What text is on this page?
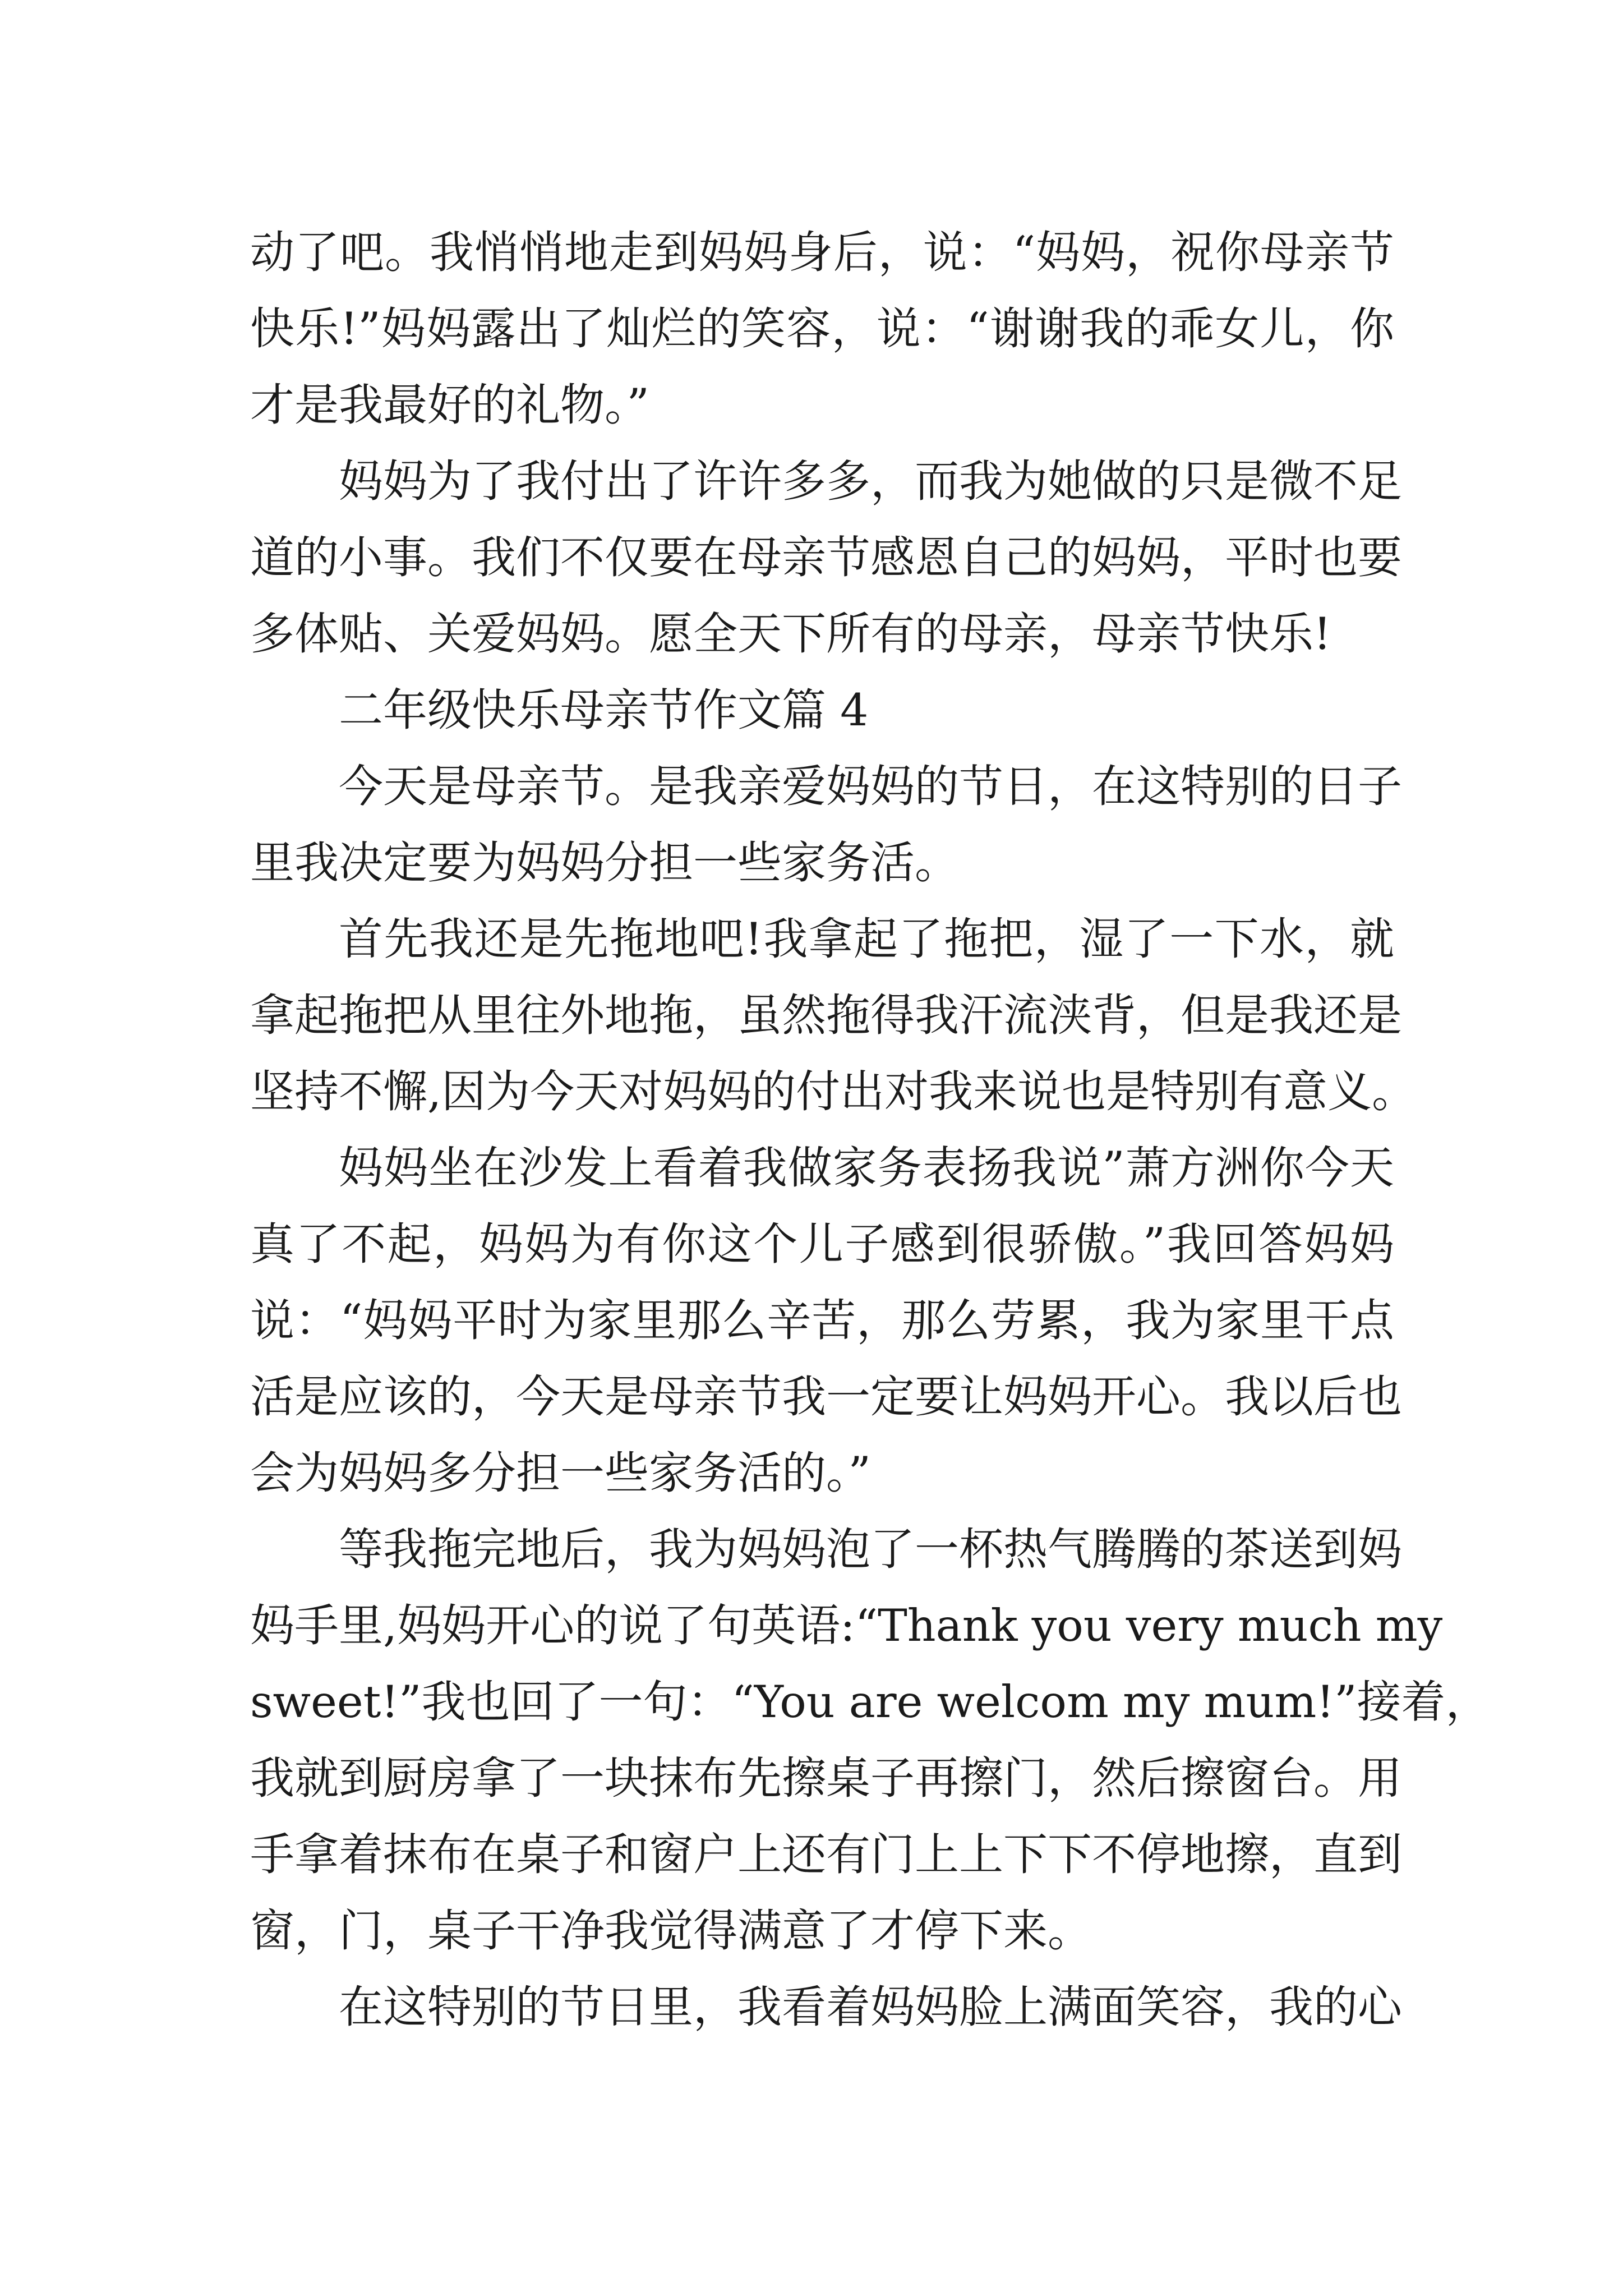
动了吧。我悄悄地走到妈妈身后，说：“妈妈，祝你母亲节
快乐!”妈妈露出了灿烂的笑容，说：“谢谢我的乖女儿，你
才是我最好的礼物。”
妈妈为了我付出了许许多多，而我为她做的只是微不足
道的小事。我们不仅要在母亲节感恩自己的妈妈，平时也要
多体贴、关爱妈妈。愿全天下所有的母亲，母亲节快乐!
二年级快乐母亲节作文篇 4
今天是母亲节。是我亲爱妈妈的节日，在这特别的日子
里我决定要为妈妈分担一些家务活。
首先我还是先拖地吧!我拿起了拖把，湿了一下水，就
拿起拖把从里往外地拖，虽然拖得我汗流浃背，但是我还是
坚持不懈,因为今天对妈妈的付出对我来说也是特别有意义。
妈妈坐在沙发上看着我做家务表扬我说”萧方洲你今天
真了不起，妈妈为有你这个儿子感到很骄傲。”我回答妈妈
说：“妈妈平时为家里那么辛苦，那么劳累，我为家里干点
活是应该的，今天是母亲节我一定要让妈妈开心。我以后也
会为妈妈多分担一些家务活的。”
等我拖完地后，我为妈妈泡了一杯热气腾腾的茶送到妈
妈手里,妈妈开心的说了句英语:“Thank you very much my
sweet!”我也回了一句：“You are welcom my mum!”接着，
我就到厨房拿了一块抹布先擦桌子再擦门，然后擦窗台。用
手拿着抹布在桌子和窗户上还有门上上下下不停地擦，直到
窗，门，桌子干净我觉得满意了才停下来。
在这特别的节日里，我看着妈妈脸上满面笑容，我的心
